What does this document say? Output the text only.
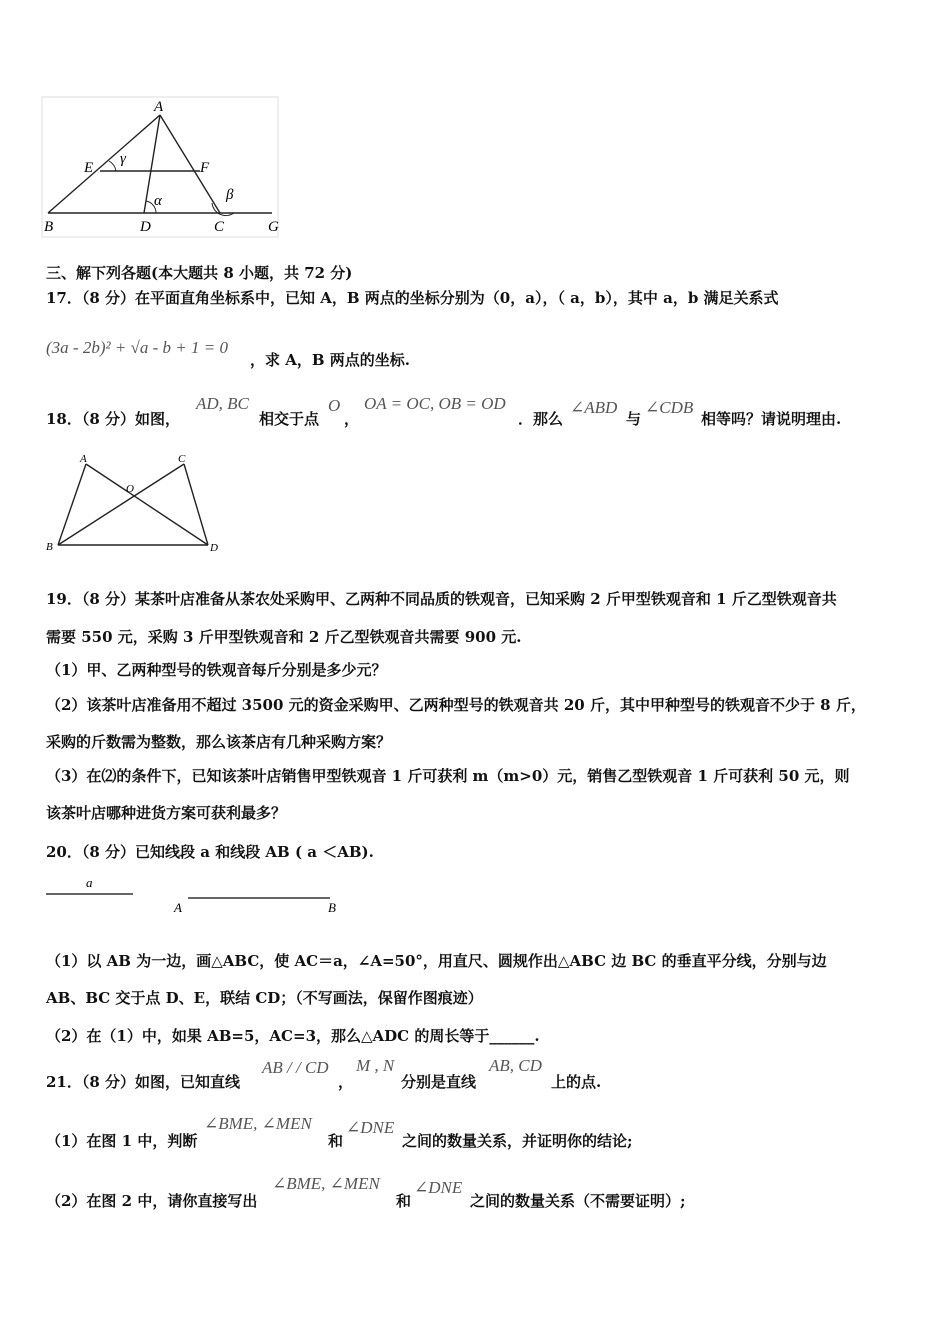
A
E	F
B	D	C	G
γ
α	β
三、解下列各题(本大题共 8 小题，共 72 分)
17．（8 分）在平面直角坐标系中，已知 A，B 两点的坐标分别为（0，a），（ a，b），其中 a，b 满足关系式
(3a - 2b)² + √a - b + 1 = 0
，求 A，B 两点的坐标.
18．（8 分）如图，
AD, BC
相交于点
O
，
OA = OC, OB = OD
．那么
∠ABD
与
∠CDB
相等吗？请说明理由.
A	C
O
B	D
19．（8 分）某茶叶店准备从茶农处采购甲、乙两种不同品质的铁观音，已知采购 2 斤甲型铁观音和 1 斤乙型铁观音共
需要 550 元，采购 3 斤甲型铁观音和 2 斤乙型铁观音共需要 900 元.
（1）甲、乙两种型号的铁观音每斤分别是多少元？
（2）该茶叶店准备用不超过 3500 元的资金采购甲、乙两种型号的铁观音共 20 斤，其中甲种型号的铁观音不少于 8 斤，
采购的斤数需为整数，那么该茶店有几种采购方案？
（3）在⑵的条件下，已知该茶叶店销售甲型铁观音 1 斤可获利 m（m>0）元，销售乙型铁观音 1 斤可获利 50 元，则
该茶叶店哪种进货方案可获利最多？
20．（8 分）已知线段 a 和线段 AB ( a ＜AB).
a
A	B
（1）以 AB 为一边，画△ABC，使 AC＝a，∠A=50°，用直尺、圆规作出△ABC 边 BC 的垂直平分线，分别与边
AB、BC 交于点 D、E，联结 CD；（不写画法，保留作图痕迹）
（2）在（1）中，如果 AB=5，AC=3，那么△ADC 的周长等于______.
21．（8 分）如图，已知直线
AB / / CD
，
M , N
分别是直线
AB, CD
上的点.
（1）在图 1 中，判断
∠BME, ∠MEN
和
∠DNE
之间的数量关系，并证明你的结论;
（2）在图 2 中，请你直接写出
∠BME, ∠MEN
和
∠DNE
之间的数量关系（不需要证明）;
